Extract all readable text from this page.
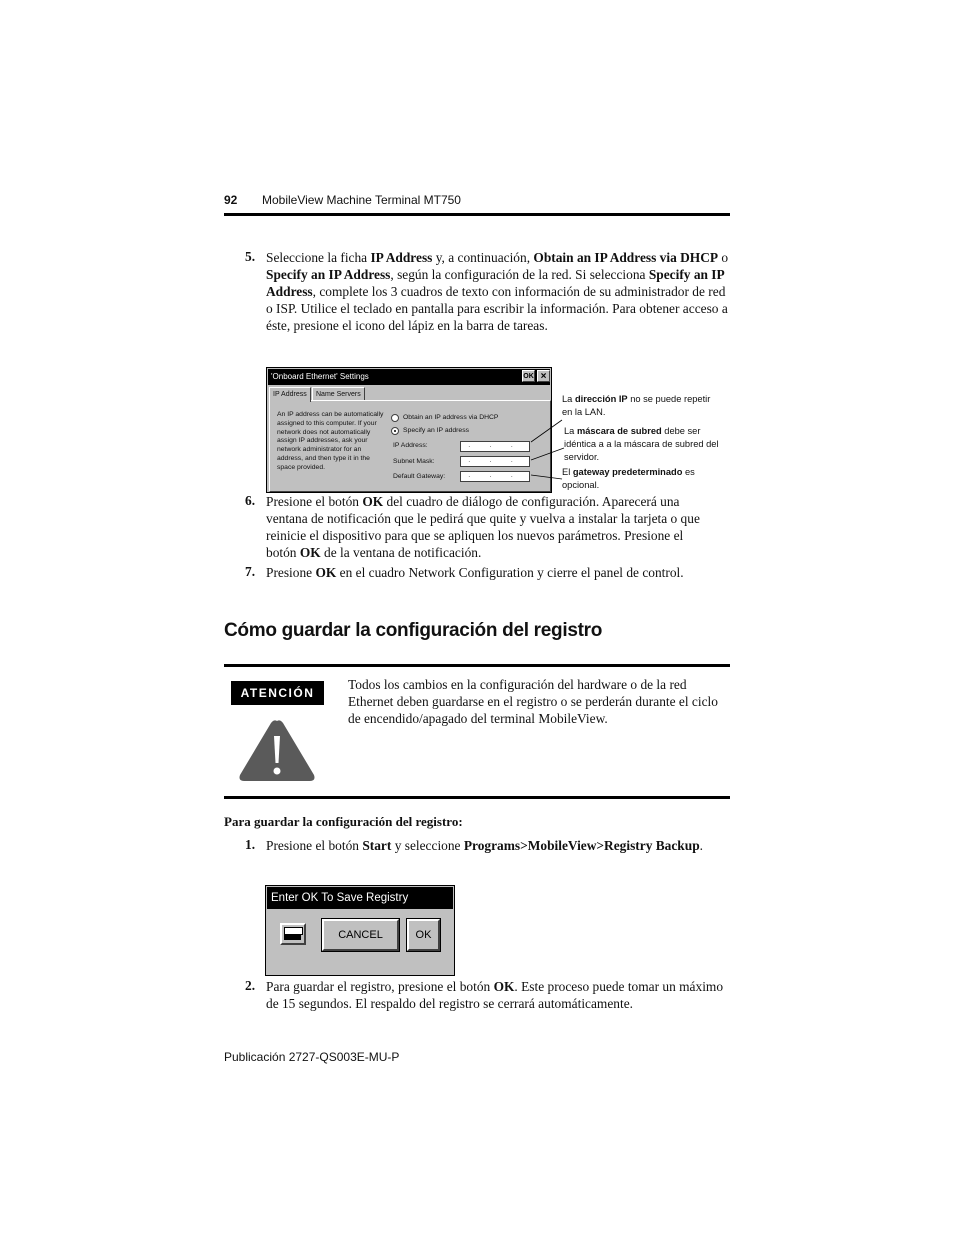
92 MobileView Machine Terminal MT750
5. Seleccione la ficha IP Address y, a continuación, Obtain an IP Address via DHCP o Specify an IP Address, según la configuración de la red. Si selecciona Specify an IP Address, complete los 3 cuadros de texto con información de su administrador de red o ISP. Utilice el teclado en pantalla para escribir la información. Para obtener acceso a éste, presione el icono del lápiz en la barra de tareas.
'Onboard Ethernet' Settings	OK ×
IP Address	Name Servers
An IP address can be automatically assigned to this computer. If your network does not automatically assign IP addresses, ask your network administrator for an address, and then type it in the space provided.
Obtain an IP address via DHCP
Specify an IP address
IP Address:	. . .
Subnet Mask:	. . .
Default Gateway:	. . .
La dirección IP no se puede repetir en la LAN.
La máscara de subred debe ser idéntica a a la máscara de subred del servidor.
El gateway predeterminado es opcional.
6. Presione el botón OK del cuadro de diálogo de configuración. Aparecerá una ventana de notificación que le pedirá que quite y vuelva a instalar la tarjeta o que reinicie el dispositivo para que se apliquen los nuevos parámetros. Presione el botón OK de la ventana de notificación.
7. Presione OK en el cuadro Network Configuration y cierre el panel de control.
Cómo guardar la configuración del registro
ATENCIÓN
Todos los cambios en la configuración del hardware o de la red Ethernet deben guardarse en el registro o se perderán durante el ciclo de encendido/apagado del terminal MobileView.
Para guardar la configuración del registro:
1. Presione el botón Start y seleccione Programs>MobileView>Registry Backup.
Enter OK To Save Registry
CANCEL	OK
2. Para guardar el registro, presione el botón OK. Este proceso puede tomar un máximo de 15 segundos. El respaldo del registro se cerrará automáticamente.
Publicación 2727-QS003E-MU-P
